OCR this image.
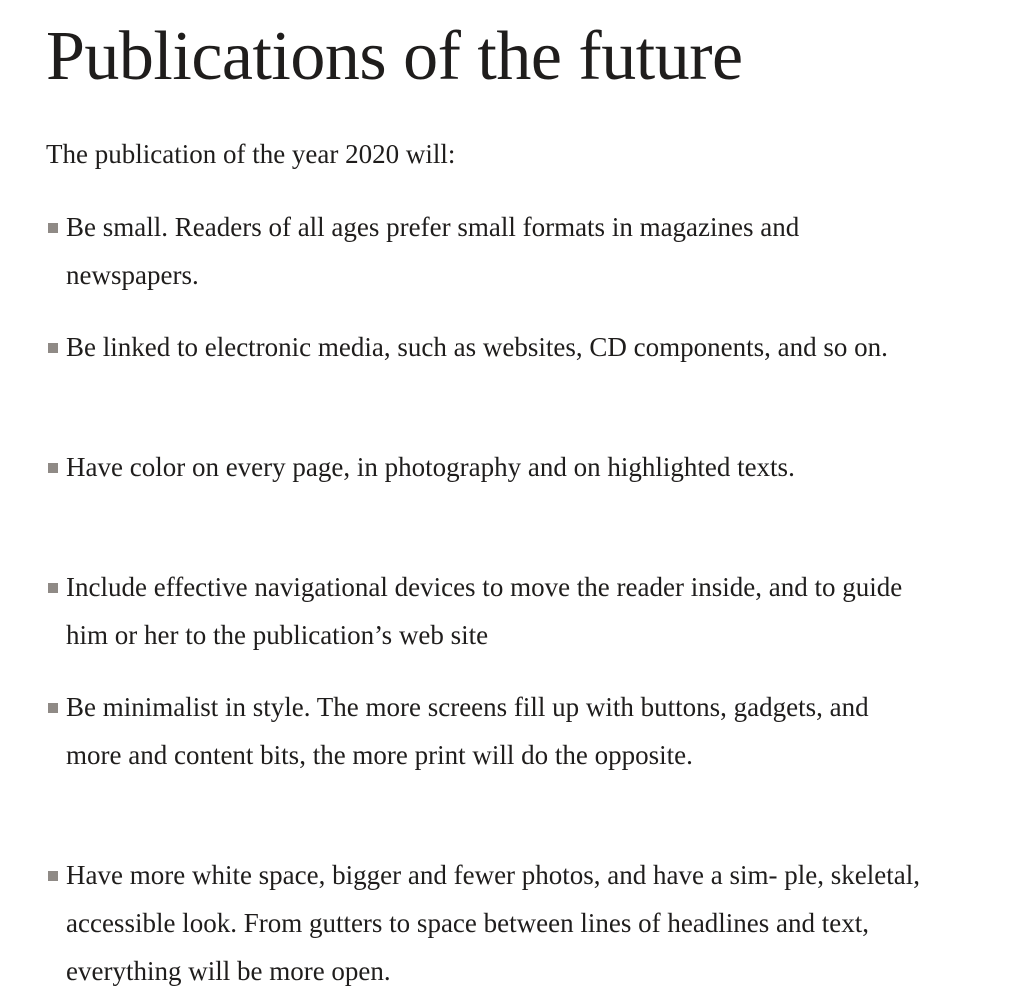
Publications of the future

The publication of the year 2020 will:

Be small. Readers of all ages prefer small formats in magazines and newspapers.
Be linked to electronic media, such as websites, CD components, and so on.
Have color on every page, in photography and on highlighted texts.
Include effective navigational devices to move the reader inside, and to guide him or her to the publication’s web site
Be minimalist in style. The more screens fill up with buttons, gadgets, and more and content bits, the more print will do the opposite.
Have more white space, bigger and fewer photos, and have a sim- ple, skeletal, accessible look. From gutters to space between lines of headlines and text, everything will be more open.
